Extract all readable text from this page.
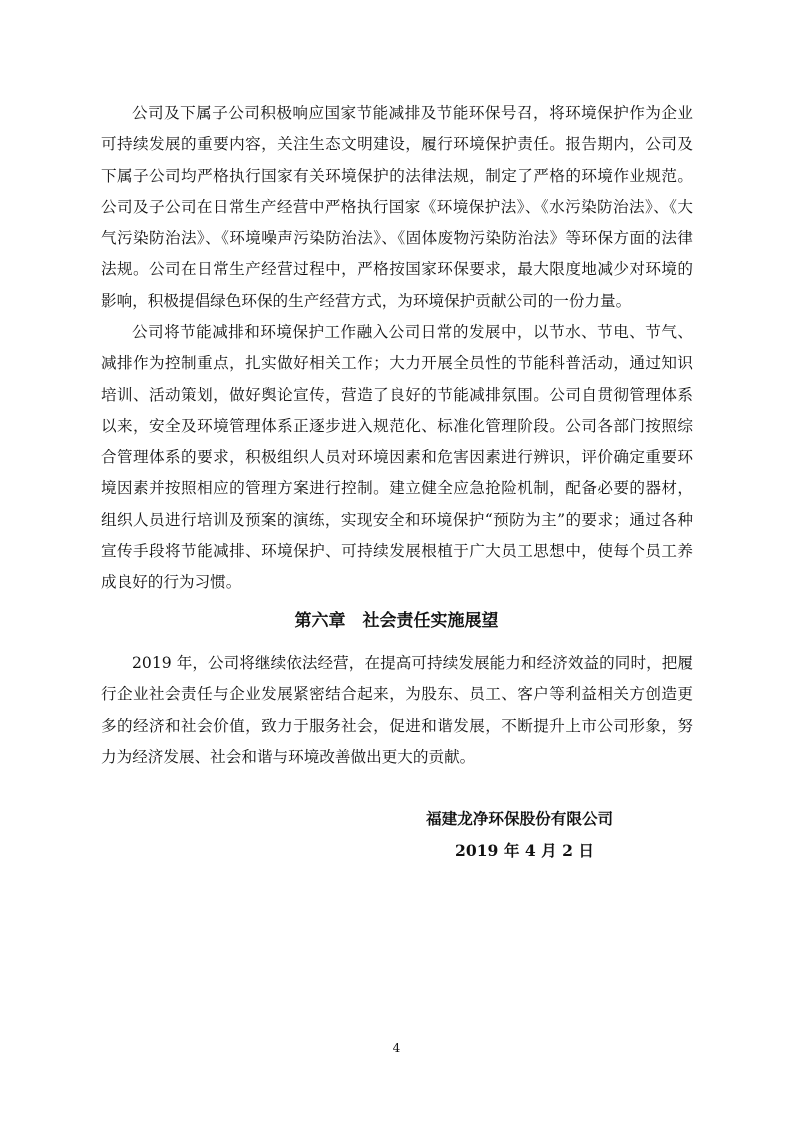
公司及下属子公司积极响应国家节能减排及节能环保号召，将环境保护作为企业可持续发展的重要内容，关注生态文明建设，履行环境保护责任。报告期内，公司及下属子公司均严格执行国家有关环境保护的法律法规，制定了严格的环境作业规范。公司及子公司在日常生产经营中严格执行国家《环境保护法》、《水污染防治法》、《大气污染防治法》、《环境噪声污染防治法》、《固体废物污染防治法》等环保方面的法律法规。公司在日常生产经营过程中，严格按国家环保要求，最大限度地减少对环境的影响，积极提倡绿色环保的生产经营方式，为环境保护贡献公司的一份力量。

公司将节能减排和环境保护工作融入公司日常的发展中，以节水、节电、节气、减排作为控制重点，扎实做好相关工作；大力开展全员性的节能科普活动，通过知识培训、活动策划，做好舆论宣传，营造了良好的节能减排氛围。公司自贯彻管理体系以来，安全及环境管理体系正逐步进入规范化、标准化管理阶段。公司各部门按照综合管理体系的要求，积极组织人员对环境因素和危害因素进行辨识，评价确定重要环境因素并按照相应的管理方案进行控制。建立健全应急抢险机制，配备必要的器材，组织人员进行培训及预案的演练，实现安全和环境保护“预防为主”的要求；通过各种宣传手段将节能减排、环境保护、可持续发展根植于广大员工思想中，使每个员工养成良好的行为习惯。

第六章　社会责任实施展望

2019 年，公司将继续依法经营，在提高可持续发展能力和经济效益的同时，把履行企业社会责任与企业发展紧密结合起来，为股东、员工、客户等利益相关方创造更多的经济和社会价值，致力于服务社会，促进和谐发展，不断提升上市公司形象，努力为经济发展、社会和谐与环境改善做出更大的贡献。

福建龙净环保股份有限公司
2019 年 4 月 2 日
4
